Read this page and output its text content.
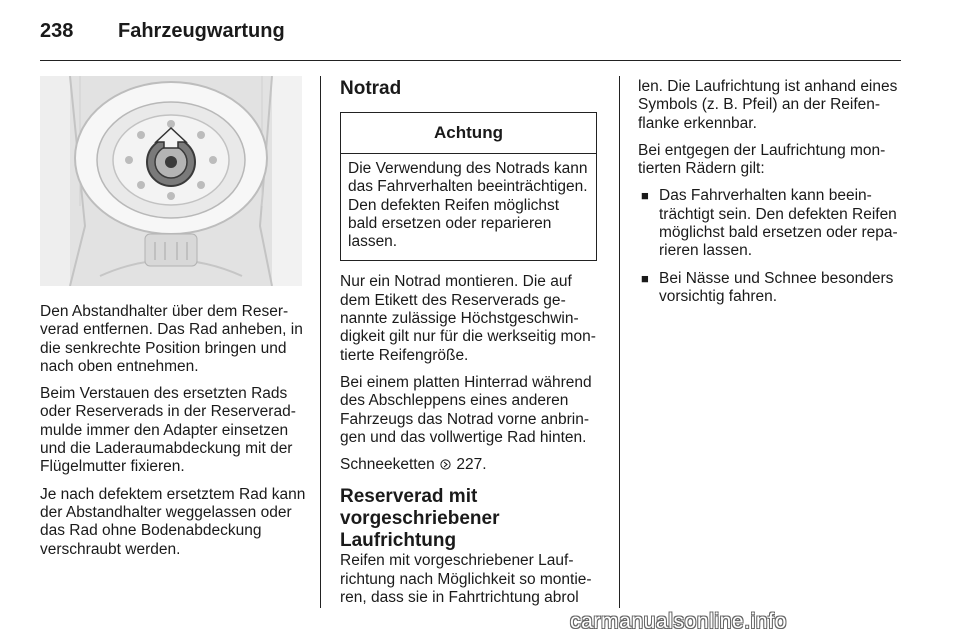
238	Fahrzeugwartung

Den Abstandhalter über dem Reserverad entfernen. Das Rad anheben, in die senkrechte Position bringen und nach oben entnehmen.

Beim Verstauen des ersetzten Rads oder Reserverads in der Reserveradmulde immer den Adapter einsetzen und die Laderaumabdeckung mit der Flügelmutter fixieren.

Je nach defektem ersetztem Rad kann der Abstandhalter weggelassen oder das Rad ohne Bodenabdeckung verschraubt werden.

Notrad
Achtung
Die Verwendung des Notrads kann das Fahrverhalten beeinträchtigen. Den defekten Reifen möglichst bald ersetzen oder reparieren lassen.

Nur ein Notrad montieren. Die auf dem Etikett des Reserverads genannte zulässige Höchstgeschwindigkeit gilt nur für die werkseitig montierte Reifengröße.

Bei einem platten Hinterrad während des Abschleppens eines anderen Fahrzeugs das Notrad vorne anbringen und das vollwertige Rad hinten.

Schneeketten 227.

Reserverad mit vorgeschriebener Laufrichtung

Reifen mit vorgeschriebener Laufrichtung nach Möglichkeit so montieren, dass sie in Fahrtrichtung abrol

len. Die Laufrichtung ist anhand eines Symbols (z. B. Pfeil) an der Reifenflanke erkennbar.

Bei entgegen der Laufrichtung montierten Rädern gilt:

■ Das Fahrverhalten kann beeinträchtigt sein. Den defekten Reifen möglichst bald ersetzen oder reparieren lassen.
■ Bei Nässe und Schnee besonders vorsichtig fahren.
carmanualsonline.info
